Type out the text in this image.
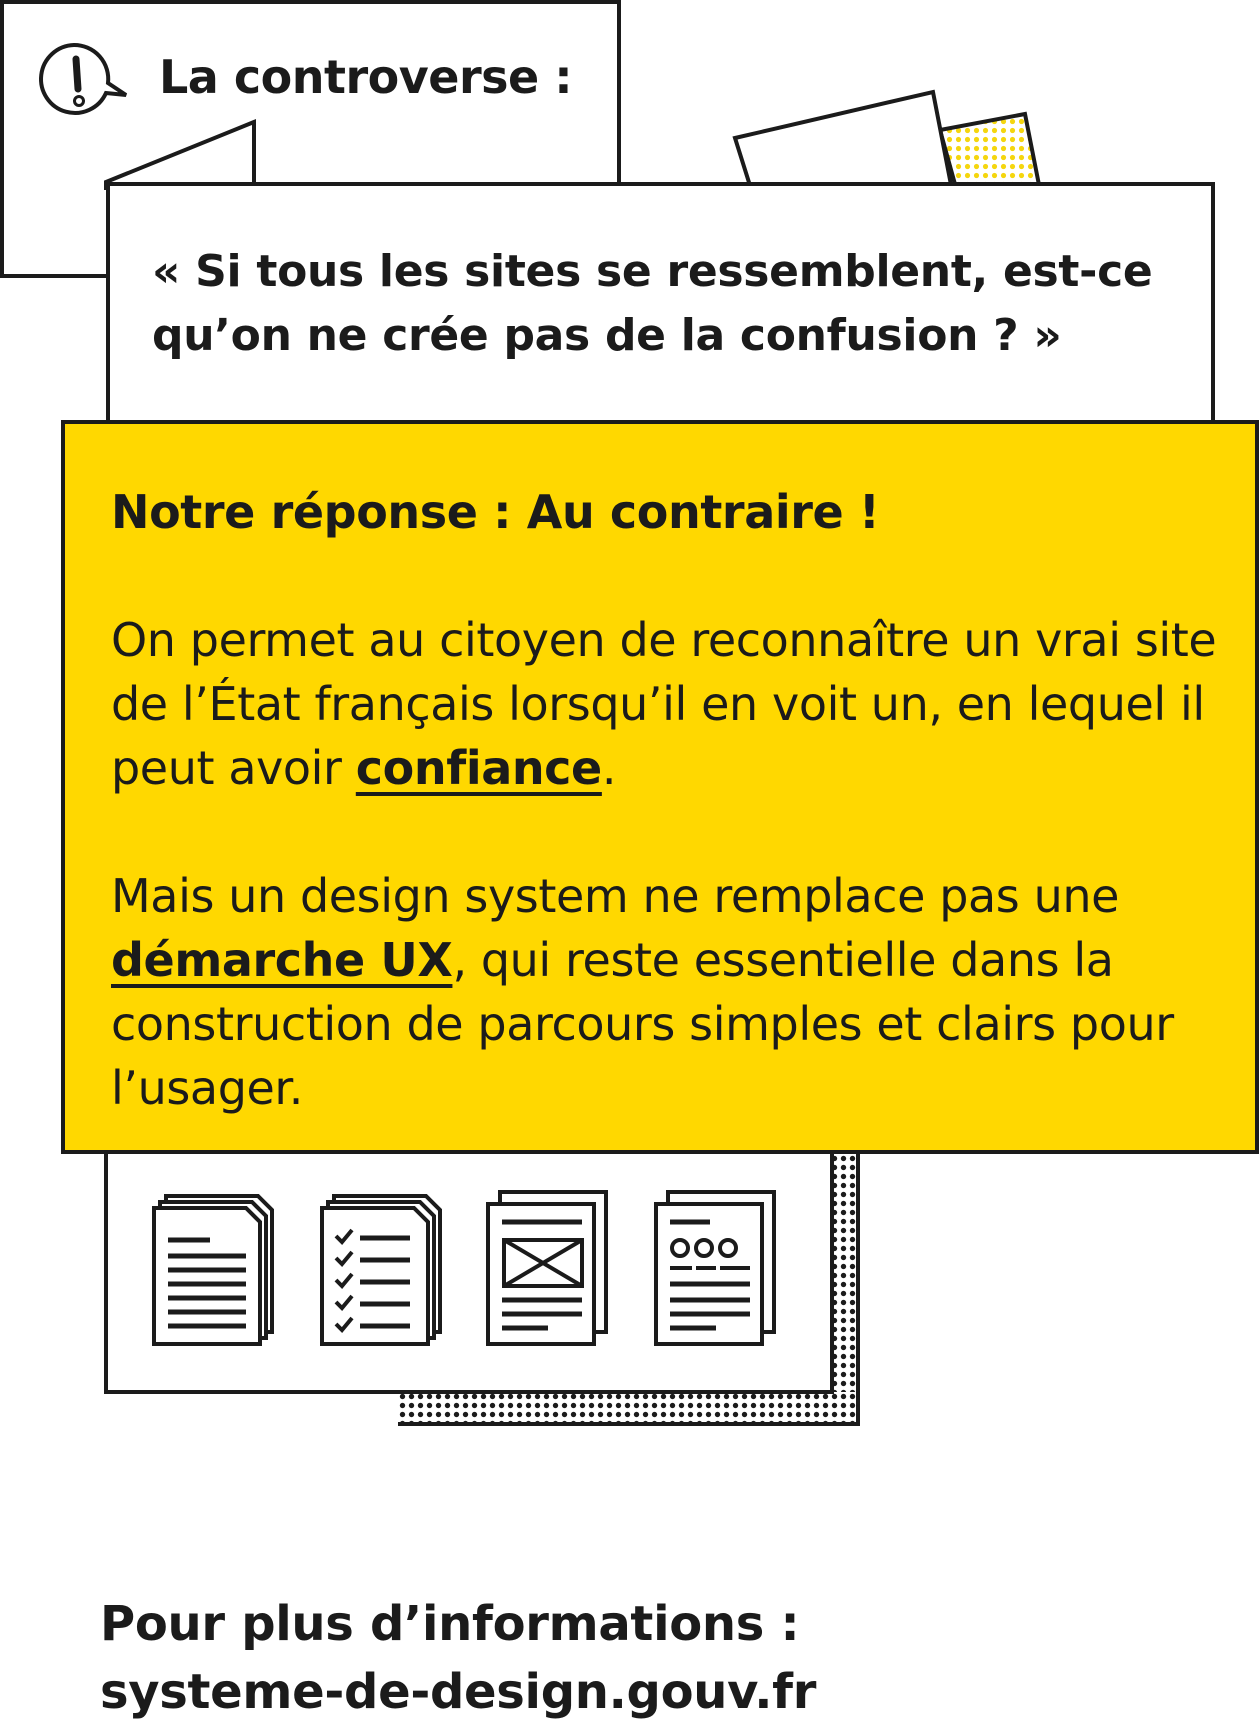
La controverse :
« Si tous les sites se ressemblent, est-ce qu’on ne crée pas de la confusion ? »

Notre réponse : Au contraire !

On permet au citoyen de reconnaître un vrai site de l’État français lorsqu’il en voit un, en lequel il peut avoir confiance.

Mais un design system ne remplace pas une démarche UX, qui reste essentielle dans la construction de parcours simples et clairs pour l’usager.

Pour plus d’informations :
systeme-de-design.gouv.fr
